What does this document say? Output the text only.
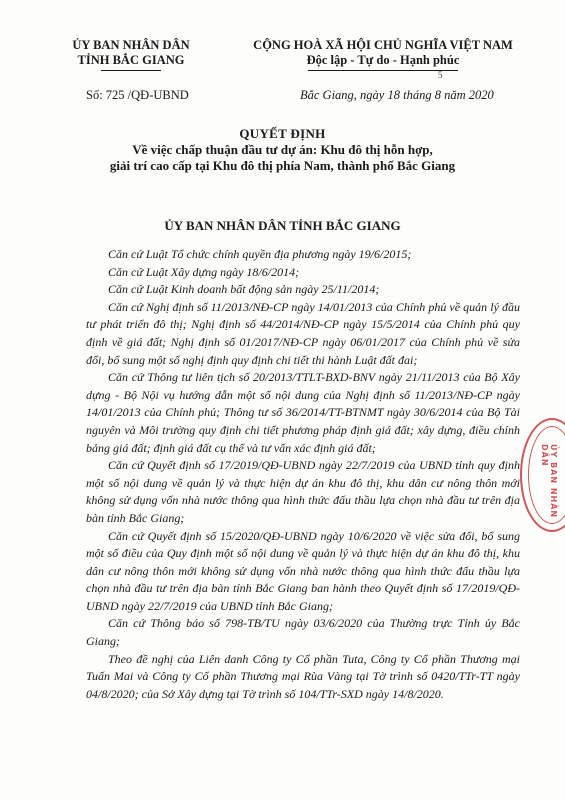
ỦY BAN NHÂN DÂN
TỈNH BẮC GIANG
CỘNG HOÀ XÃ HỘI CHỦ NGHĨA VIỆT NAM
Độc lập - Tự do - Hạnh phúc
5
Số: 725 /QĐ-UBND	Bắc Giang, ngày 18 tháng 8 năm 2020
QUYẾT ĐỊNH
Về việc chấp thuận đầu tư dự án: Khu đô thị hỗn hợp,
giải trí cao cấp tại Khu đô thị phía Nam, thành phố Bắc Giang
ỦY BAN NHÂN DÂN TỈNH BẮC GIANG

Căn cứ Luật Tổ chức chính quyền địa phương ngày 19/6/2015;

Căn cứ Luật Xây dựng ngày 18/6/2014;

Căn cứ Luật Kinh doanh bất động sản ngày 25/11/2014;

Căn cứ Nghị định số 11/2013/NĐ-CP ngày 14/01/2013 của Chính phủ về quản lý đầu tư phát triển đô thị; Nghị định số 44/2014/NĐ-CP ngày 15/5/2014 của Chính phủ quy định về giá đất; Nghị định số 01/2017/NĐ-CP ngày 06/01/2017 của Chính phủ về sửa đổi, bổ sung một số nghị định quy định chi tiết thi hành Luật đất đai;

Căn cứ Thông tư liên tịch số 20/2013/TTLT-BXD-BNV ngày 21/11/2013 của Bộ Xây dựng - Bộ Nội vụ hướng dẫn một số nội dung của Nghị định số 11/2013/NĐ-CP ngày 14/01/2013 của Chính phủ; Thông tư số 36/2014/TT-BTNMT ngày 30/6/2014 của Bộ Tài nguyên và Môi trường quy định chi tiết phương pháp định giá đất; xây dựng, điều chỉnh bảng giá đất; định giá đất cụ thể và tư vấn xác định giá đất;

Căn cứ Quyết định số 17/2019/QĐ-UBND ngày 22/7/2019 của UBND tỉnh quy định một số nội dung về quản lý và thực hiện dự án khu đô thị, khu dân cư nông thôn mới không sử dụng vốn nhà nước thông qua hình thức đấu thầu lựa chọn nhà đầu tư trên địa bàn tỉnh Bắc Giang;

Căn cứ Quyết định số 15/2020/QĐ-UBND ngày 10/6/2020 về việc sửa đổi, bổ sung một số điều của Quy định một số nội dung về quản lý và thực hiện dự án khu đô thị, khu dân cư nông thôn mới không sử dụng vốn nhà nước thông qua hình thức đấu thầu lựa chọn nhà đầu tư trên địa bàn tỉnh Bắc Giang ban hành theo Quyết định số 17/2019/QĐ-UBND ngày 22/7/2019 của UBND tỉnh Bắc Giang;

Căn cứ Thông báo số 798-TB/TU ngày 03/6/2020 của Thường trực Tỉnh ủy Bắc Giang;

Theo đề nghị của Liên danh Công ty Cổ phần Tuta, Công ty Cổ phần Thương mại Tuấn Mai và Công ty Cổ phần Thương mại Rùa Vàng tại Tờ trình số 0420/TTr-TT ngày 04/8/2020; của Sở Xây dựng tại Tờ trình số 104/TTr-SXD ngày 14/8/2020.

ỦY BAN NHÂN DÂN
